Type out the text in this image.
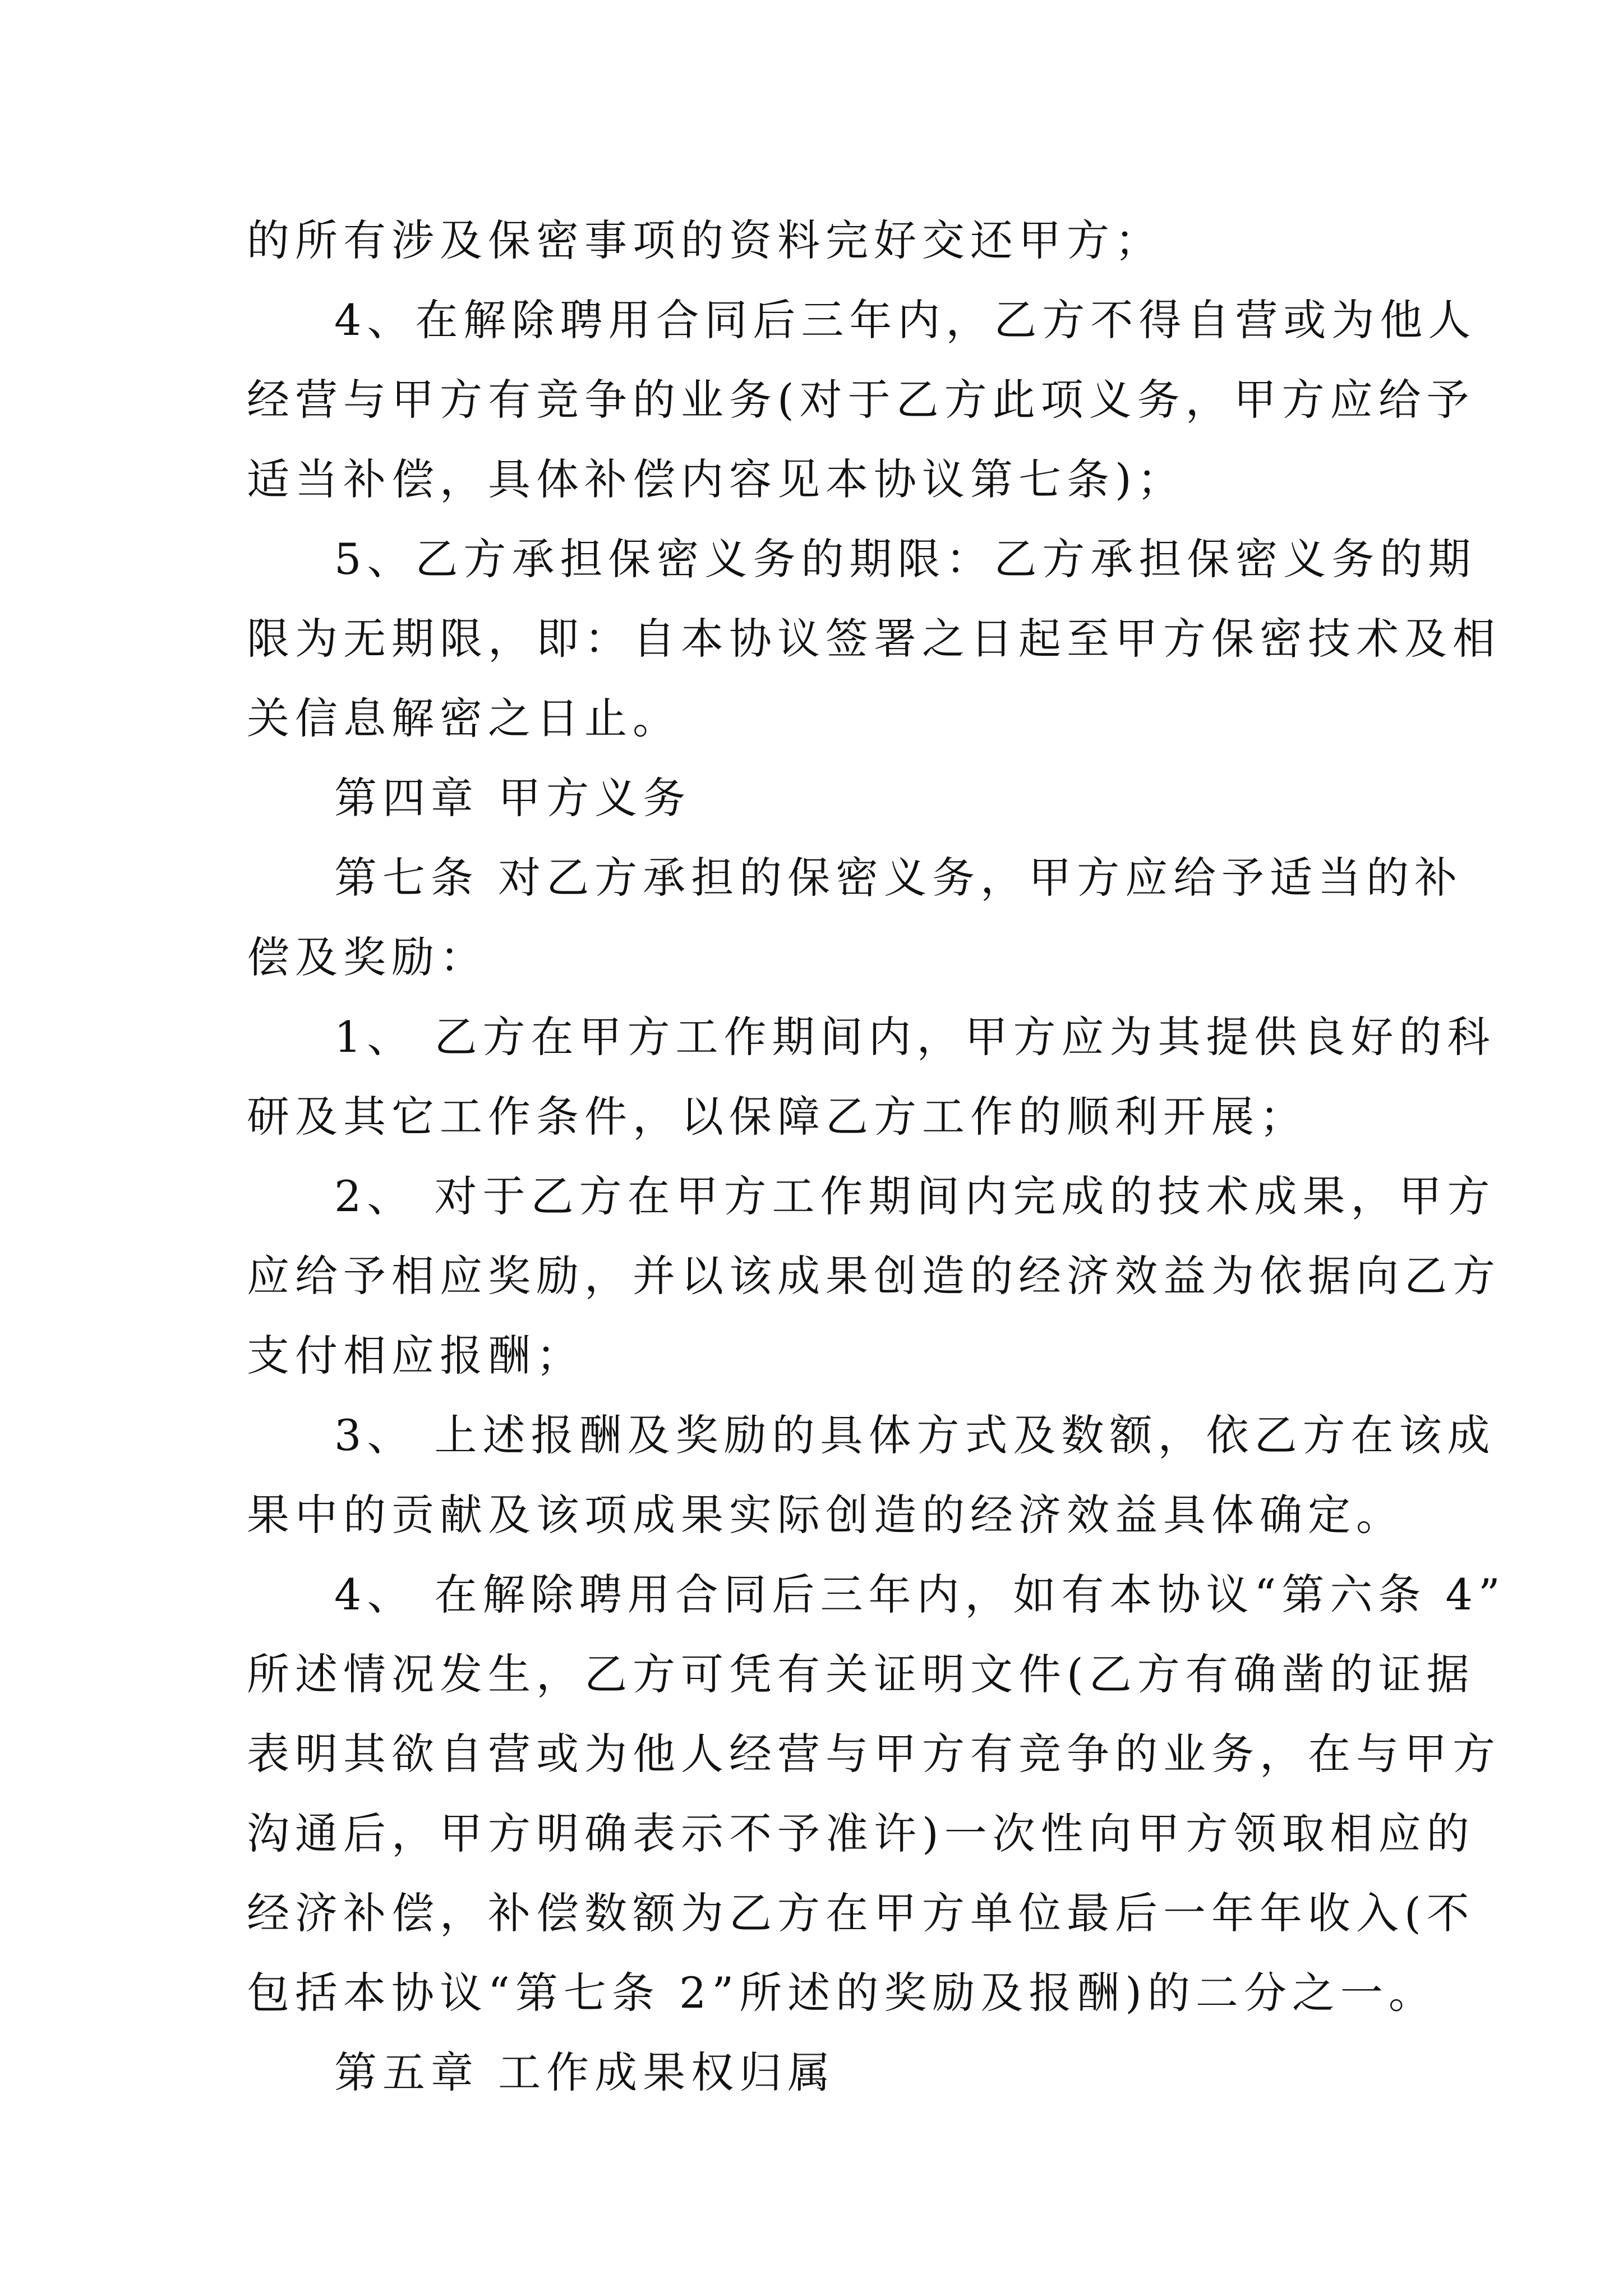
的所有涉及保密事项的资料完好交还甲方；

4、在解除聘用合同后三年内，乙方不得自营或为他人
经营与甲方有竞争的业务(对于乙方此项义务，甲方应给予
适当补偿，具体补偿内容见本协议第七条)；

5、乙方承担保密义务的期限：乙方承担保密义务的期
限为无期限，即：自本协议签署之日起至甲方保密技术及相
关信息解密之日止。

第四章 甲方义务

第七条 对乙方承担的保密义务，甲方应给予适当的补
偿及奖励：

1、 乙方在甲方工作期间内，甲方应为其提供良好的科
研及其它工作条件，以保障乙方工作的顺利开展；

2、 对于乙方在甲方工作期间内完成的技术成果，甲方
应给予相应奖励，并以该成果创造的经济效益为依据向乙方
支付相应报酬；

3、 上述报酬及奖励的具体方式及数额，依乙方在该成
果中的贡献及该项成果实际创造的经济效益具体确定。

4、 在解除聘用合同后三年内，如有本协议“第六条 4”
所述情况发生，乙方可凭有关证明文件(乙方有确凿的证据
表明其欲自营或为他人经营与甲方有竞争的业务，在与甲方
沟通后，甲方明确表示不予准许)一次性向甲方领取相应的
经济补偿，补偿数额为乙方在甲方单位最后一年年收入(不
包括本协议“第七条 2”所述的奖励及报酬)的二分之一。

第五章 工作成果权归属
